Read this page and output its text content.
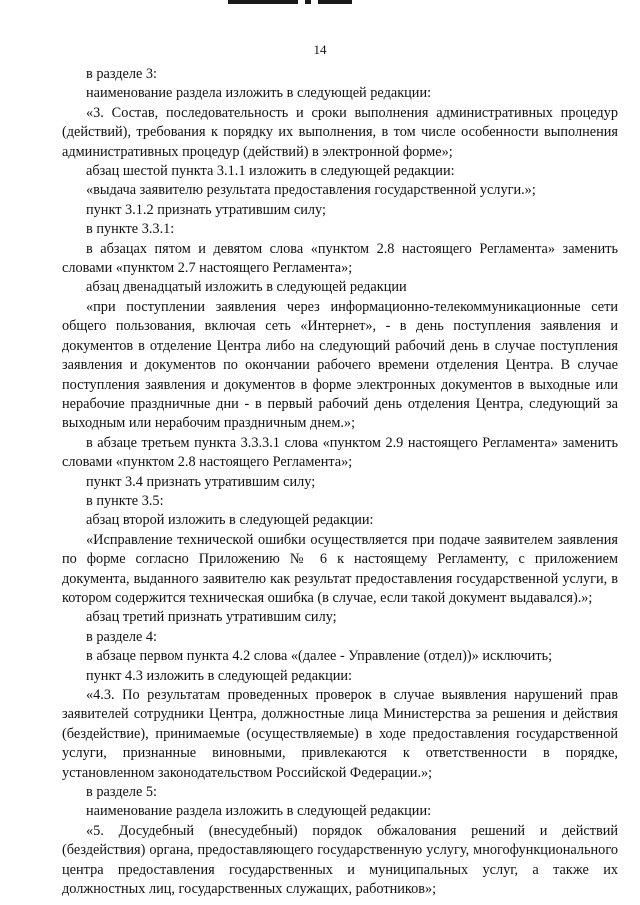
14

в разделе 3:

наименование раздела изложить в следующей редакции:

«3. Состав, последовательность и сроки выполнения административных процедур (действий), требования к порядку их выполнения, в том числе особенности выполнения административных процедур (действий) в электронной форме»;

абзац шестой пункта 3.1.1 изложить в следующей редакции:

«выдача заявителю результата предоставления государственной услуги.»;

пункт 3.1.2 признать утратившим силу;

в пункте 3.3.1:

в абзацах пятом и девятом слова «пунктом 2.8 настоящего Регламента» заменить словами «пунктом 2.7 настоящего Регламента»;

абзац двенадцатый изложить в следующей редакции

«при поступлении заявления через информационно-телекоммуникационные сети общего пользования, включая сеть «Интернет», - в день поступления заявления и документов в отделение Центра либо на следующий рабочий день в случае поступления заявления и документов по окончании рабочего времени отделения Центра. В случае поступления заявления и документов в форме электронных документов в выходные или нерабочие праздничные дни - в первый рабочий день отделения Центра, следующий за выходным или нерабочим праздничным днем.»;

в абзаце третьем пункта 3.3.3.1 слова «пунктом 2.9 настоящего Регламента» заменить словами «пунктом 2.8 настоящего Регламента»;

пункт 3.4 признать утратившим силу;

в пункте 3.5:

абзац второй изложить в следующей редакции:

«Исправление технической ошибки осуществляется при подаче заявителем заявления по форме согласно Приложению № 6 к настоящему Регламенту, с приложением документа, выданного заявителю как результат предоставления государственной услуги, в котором содержится техническая ошибка (в случае, если такой документ выдавался).»;

абзац третий признать утратившим силу;

в разделе 4:

в абзаце первом пункта 4.2 слова «(далее - Управление (отдел))» исключить;

пункт 4.3 изложить в следующей редакции:

«4.3. По результатам проведенных проверок в случае выявления нарушений прав заявителей сотрудники Центра, должностные лица Министерства за решения и действия (бездействие), принимаемые (осуществляемые) в ходе предоставления государственной услуги, признанные виновными, привлекаются к ответственности в порядке, установленном законодательством Российской Федерации.»;

в разделе 5:

наименование раздела изложить в следующей редакции:

«5. Досудебный (внесудебный) порядок обжалования решений и действий (бездействия) органа, предоставляющего государственную услугу, многофункционального центра предоставления государственных и муниципальных услуг, а также их должностных лиц, государственных служащих, работников»;
